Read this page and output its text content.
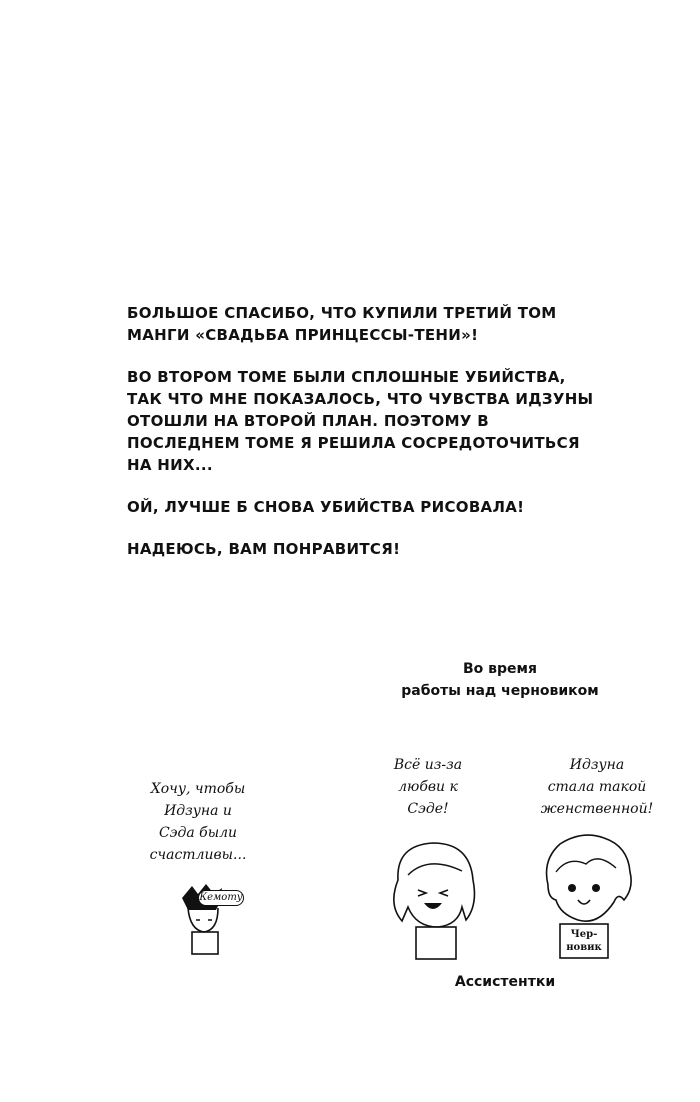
БОЛЬШОЕ СПАСИБО, ЧТО КУПИЛИ ТРЕТИЙ ТОМ МАНГИ «СВАДЬБА ПРИНЦЕССЫ-ТЕНИ»!

ВО ВТОРОМ ТОМЕ БЫЛИ СПЛОШНЫЕ УБИЙСТВА, ТАК ЧТО МНЕ ПОКАЗАЛОСЬ, ЧТО ЧУВСТВА ИДЗУНЫ ОТОШЛИ НА ВТОРОЙ ПЛАН. ПОЭТОМУ В ПОСЛЕДНЕМ ТОМЕ Я РЕШИЛА СОСРЕДОТОЧИТЬСЯ НА НИХ...

ОЙ, ЛУЧШЕ Б СНОВА УБИЙСТВА РИСОВАЛА!

НАДЕЮСЬ, ВАМ ПОНРАВИТСЯ!

Во время
работы над черновиком
Хочу, чтобы
Идзуна и
Сэда были
счастливы...
Кемоту
Всё из-за
любви к
Сэде!
Идзуна
стала такой
женственной!
Чер-
новик
Ассистентки
